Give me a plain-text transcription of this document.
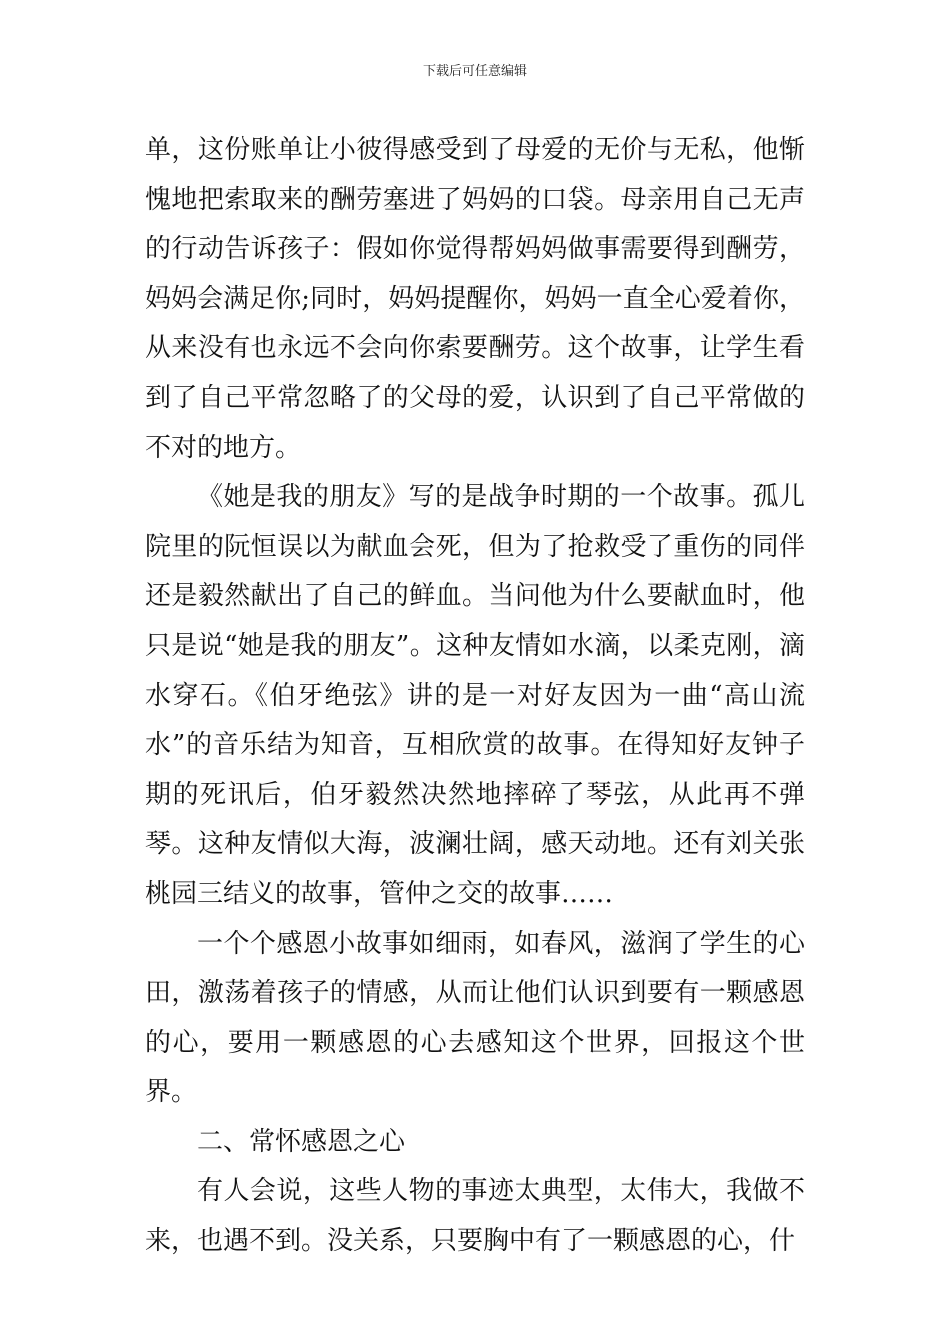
下载后可任意编辑

单，这份账单让小彼得感受到了母爱的无价与无私，他惭愧地把索取来的酬劳塞进了妈妈的口袋。母亲用自己无声的行动告诉孩子：假如你觉得帮妈妈做事需要得到酬劳，妈妈会满足你;同时，妈妈提醒你，妈妈一直全心爱着你，从来没有也永远不会向你索要酬劳。这个故事，让学生看到了自己平常忽略了的父母的爱，认识到了自己平常做的不对的地方。

《她是我的朋友》写的是战争时期的一个故事。孤儿院里的阮恒误以为献血会死，但为了抢救受了重伤的同伴还是毅然献出了自己的鲜血。当问他为什么要献血时，他只是说“她是我的朋友”。这种友情如水滴，以柔克刚，滴水穿石。《伯牙绝弦》讲的是一对好友因为一曲“高山流水”的音乐结为知音，互相欣赏的故事。在得知好友钟子期的死讯后，伯牙毅然决然地摔碎了琴弦，从此再不弹琴。这种友情似大海，波澜壮阔，感天动地。还有刘关张桃园三结义的故事，管仲之交的故事……

一个个感恩小故事如细雨，如春风，滋润了学生的心田，激荡着孩子的情感，从而让他们认识到要有一颗感恩的心，要用一颗感恩的心去感知这个世界，回报这个世界。

二、常怀感恩之心

有人会说，这些人物的事迹太典型，太伟大，我做不来，也遇不到。没关系，只要胸中有了一颗感恩的心，什
